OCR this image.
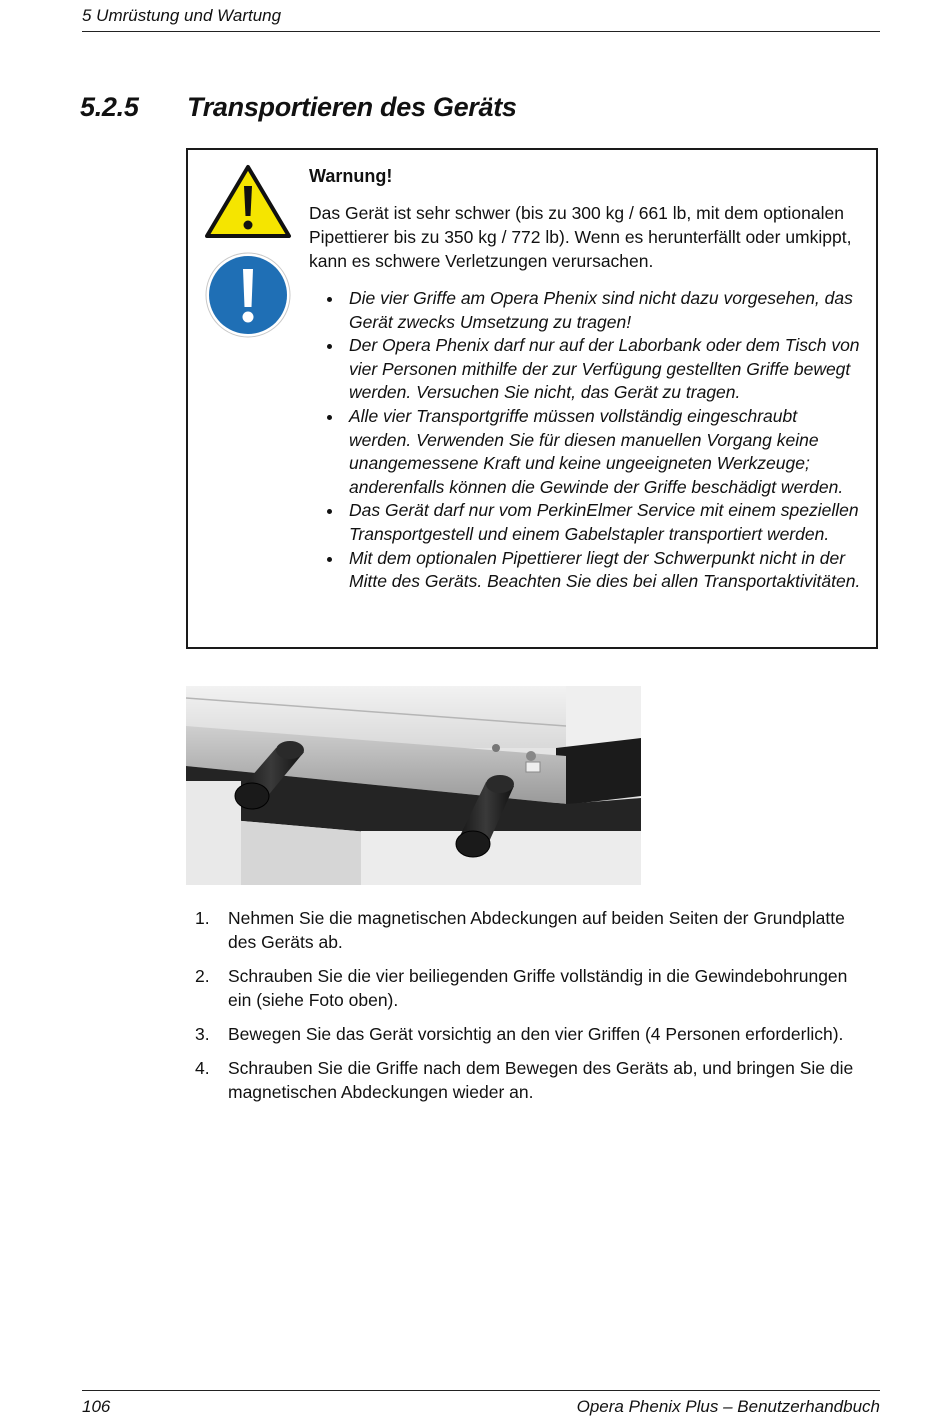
5 Umrüstung und Wartung
5.2.5 Transportieren des Geräts

Warnung!

Das Gerät ist sehr schwer (bis zu 300 kg / 661 lb, mit dem optionalen Pipettierer bis zu 350 kg / 772 lb). Wenn es herunterfällt oder umkippt, kann es schwere Verletzungen verursachen.

Die vier Griffe am Opera Phenix sind nicht dazu vorgesehen, das Gerät zwecks Umsetzung zu tragen!
Der Opera Phenix darf nur auf der Laborbank oder dem Tisch von vier Personen mithilfe der zur Verfügung gestellten Griffe bewegt werden. Versuchen Sie nicht, das Gerät zu tragen.
Alle vier Transportgriffe müssen vollständig eingeschraubt werden. Verwenden Sie für diesen manuellen Vorgang keine unangemessene Kraft und keine ungeeigneten Werkzeuge; anderenfalls können die Gewinde der Griffe beschädigt werden.
Das Gerät darf nur vom PerkinElmer Service mit einem speziellen Transportgestell und einem Gabelstapler transportiert werden.
Mit dem optionalen Pipettierer liegt der Schwerpunkt nicht in der Mitte des Geräts. Beachten Sie dies bei allen Transportaktivitäten.
1. Nehmen Sie die magnetischen Abdeckungen auf beiden Seiten der Grundplatte des Geräts ab.
2. Schrauben Sie die vier beiliegenden Griffe vollständig in die Gewindebohrungen ein (siehe Foto oben).
3. Bewegen Sie das Gerät vorsichtig an den vier Griffen (4 Personen erforderlich).
4. Schrauben Sie die Griffe nach dem Bewegen des Geräts ab, und bringen Sie die magnetischen Abdeckungen wieder an.
106	Opera Phenix Plus – Benutzerhandbuch
